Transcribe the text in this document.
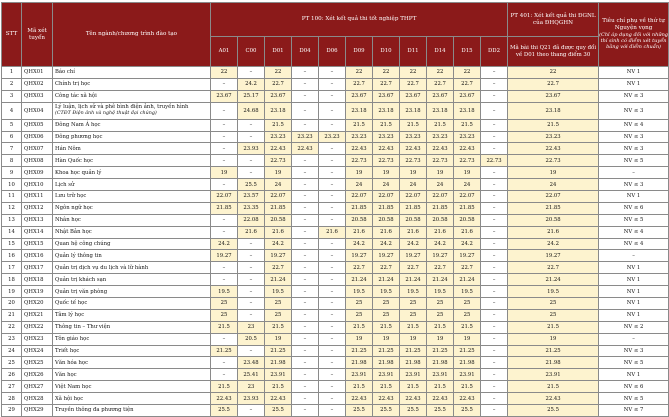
STT	Mã xét tuyển	Tên ngành/chương trình đào tạo	PT 100: Xét kết quả thi tốt nghiệp THPT											PT 401: Xét kết quả thi ĐGNL của ĐHQGHN	Tiêu chí phụ về thứ tự Nguyện vọng
(Chỉ áp dụng đối với những thí sinh có điểm xét tuyển bằng với điểm chuẩn)

			A01	C00	D01	D04	D06	D09	D10	D11	D14	D15	DD2	Mã bài thi Q21 đã được quy đổi về D01 theo thang điểm 30	
1	QHX01	Báo chí	22	–	22	–	–	22	22	22	22	22	–	22	NV 1
2	QHX02	Chính trị học	–	24.2	22.7	–	–	22.7	22.7	22.7	22.7	22.7	–	22.7	NV 1
3	QHX03	Công tác xã hội	23.67	25.17	23.67	–	–	23.67	23.67	23.67	23.67	23.67	–	23.67	NV ≤ 3
4	QHX04	Lý luận, lịch sử và phê bình điện ảnh, truyền hình
(CTĐT Điện ảnh và nghệ thuật đại chúng)	–	24.68	23.18	–	–	23.18	23.18	23.18	23.18	23.18	–	23.18	NV ≤ 3
5	QHX05	Đông Nam Á học	–	–	21.5	–	–	21.5	21.5	21.5	21.5	21.5	–	21.5	NV ≤ 4
6	QHX06	Đông phương học	–	–	23.23	23.23	23.23	23.23	23.23	23.23	23.23	23.23	–	23.23	NV ≤ 3
7	QHX07	Hán Nôm	–	23.93	22.43	22.43	–	22.43	22.43	22.43	22.43	22.43	–	22.43	NV ≤ 3
8	QHX08	Hàn Quốc học	–	–	22.73	–	–	22.73	22.73	22.73	22.73	22.73	22.73	22.73	NV ≤ 5
9	QHX09	Khoa học quản lý	19	–	19	–	–	19	19	19	19	19	–	19	–
10	QHX10	Lịch sử	–	25.5	24	–	–	24	24	24	24	24	–	24	NV ≤ 3
11	QHX11	Lưu trữ học	22.07	23.57	22.07	–	–	22.07	22.07	22.07	22.07	22.07	–	22.07	NV 1
12	QHX12	Ngôn ngữ học	21.85	23.35	21.85	–	–	21.85	21.85	21.85	21.85	21.85	–	21.85	NV ≤ 6
13	QHX13	Nhân học	–	22.08	20.58	–	–	20.58	20.58	20.58	20.58	20.58	–	20.58	NV ≤ 5
14	QHX14	Nhật Bản học	–	21.6	21.6	–	21.6	21.6	21.6	21.6	21.6	21.6	–	21.6	NV ≤ 4
15	QHX15	Quan hệ công chúng	24.2	–	24.2	–	–	24.2	24.2	24.2	24.2	24.2	–	24.2	NV ≤ 4
16	QHX16	Quản lý thông tin	19.27	–	19.27	–	–	19.27	19.27	19.27	19.27	19.27	–	19.27	–
17	QHX17	Quản trị dịch vụ du lịch và lữ hành	–	–	22.7	–	–	22.7	22.7	22.7	22.7	22.7	–	22.7	NV 1
18	QHX18	Quản trị khách sạn	–	–	21.24	–	–	21.24	21.24	21.24	21.24	21.24	–	21.24	NV 1
19	QHX19	Quản trị văn phòng	19.5	–	19.5	–	–	19.5	19.5	19.5	19.5	19.5	–	19.5	NV 1
20	QHX20	Quốc tế học	25	–	25	–	–	25	25	25	25	25	–	25	NV 1
21	QHX21	Tâm lý học	25	–	25	–	–	25	25	25	25	25	–	25	NV 1
22	QHX22	Thông tin – Thư viện	21.5	23	21.5	–	–	21.5	21.5	21.5	21.5	21.5	–	21.5	NV ≤ 2
23	QHX23	Tôn giáo học	–	20.5	19	–	–	19	19	19	19	19	–	19	–
24	QHX24	Triết học	21.25	–	21.25	–	–	21.25	21.25	21.25	21.25	21.25	–	21.25	NV ≤ 3
25	QHX25	Văn hóa học	–	23.48	21.98	–	–	21.98	21.98	21.98	21.98	21.98	–	21.98	NV ≤ 5
26	QHX26	Văn học	–	25.41	23.91	–	–	23.91	23.91	23.91	23.91	23.91	–	23.91	NV 1
27	QHX27	Việt Nam học	21.5	23	21.5	–	–	21.5	21.5	21.5	21.5	21.5	–	21.5	NV ≤ 6
28	QHX28	Xã hội học	22.43	23.93	22.43	–	–	22.43	22.43	22.43	22.43	22.43	–	22.43	NV ≤ 5
29	QHX29	Truyền thông đa phương tiện	25.5	–	25.5	–	–	25.5	25.5	25.5	25.5	25.5	–	25.5	NV ≤ 7
